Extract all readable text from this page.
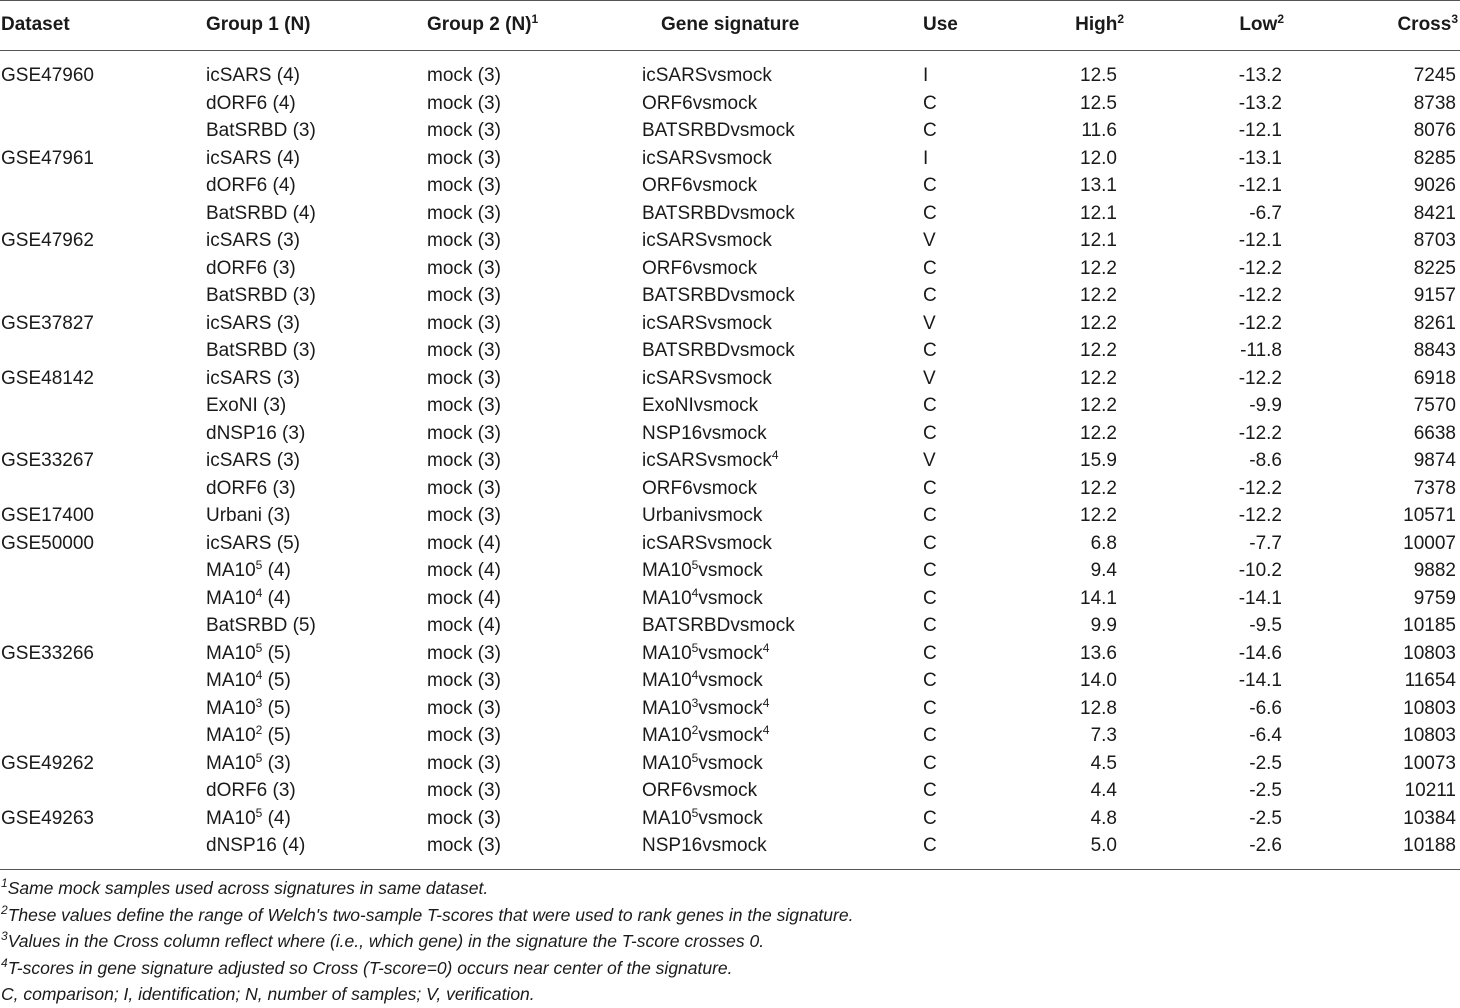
Dataset	Group 1 (N)	Group 2 $(N)^1$	Gene signature	Use	High$^2$	Low$^2$	Cross$^3$
GSE47960	icSARS (4)	mock (3)	icSARSvsmock	I	12.5	-13.2	7245
dORF6 (4)	mock (3)	ORF6vsmock	C	12.5	-13.2	8738
BatSRBD (3)	mock (3)	BATSRBDvsmock	C	11.6	-12.1	8076
GSE47961	icSARS (4)	mock (3)	icSARSvsmock	I	12.0	-13.1	8285
dORF6 (4)	mock (3)	ORF6vsmock	C	13.1	-12.1	9026
BatSRBD (4)	mock (3)	BATSRBDvsmock	C	12.1	-6.7	8421
GSE47962	icSARS (3)	mock (3)	icSARSvsmock	V	12.1	-12.1	8703
dORF6 (3)	mock (3)	ORF6vsmock	C	12.2	-12.2	8225
BatSRBD (3)	mock (3)	BATSRBDvsmock	C	12.2	-12.2	9157
GSE37827	icSARS (3)	mock (3)	icSARSvsmock	V	12.2	-12.2	8261
BatSRBD (3)	mock (3)	BATSRBDvsmock	C	12.2	-11.8	8843
GSE48142	icSARS (3)	mock (3)	icSARSvsmock	V	12.2	-12.2	6918
ExoNI (3)	mock (3)	ExoNIvsmock	C	12.2	-9.9	7570
dNSP16 (3)	mock (3)	NSP16vsmock	C	12.2	-12.2	6638
GSE33267	icSARS (3)	mock (3)	icSARSvsmock$^4$	V	15.9	-8.6	9874
dORF6 (3)	mock (3)	ORF6vsmock	C	12.2	-12.2	7378
GSE17400	Urbani (3)	mock (3)	Urbanivsmock	C	12.2	-12.2	10571
GSE50000	icSARS (5)	mock (4)	icSARSvsmock	C	6.8	-7.7	10007
$MA10^5$ (4)	mock (4)	$MA10^5vsmock$	C	9.4	-10.2	9882
$MA10^4$ (4)	mock (4)	$MA10^4vsmock$	C	14.1	-14.1	9759
BatSRBD (5)	mock (4)	BATSRBDvsmock	C	9.9	-9.5	10185
GSE33266	$MA10^5$ (5)	mock (3)	$MA10^5vsmock^4$	C	13.6	-14.6	10803
$MA10^4$ (5)	mock (3)	$MA10^4vsmock$	C	14.0	-14.1	11654
$MA10^3$ (5)	mock (3)	$MA10^3vsmock^4$	C	12.8	-6.6	10803
$MA10^2$ (5)	mock (3)	$MA10^2vsmock^4$	C	7.3	-6.4	10803
GSE49262	$MA10^5$ (3)	mock (3)	$MA10^5vsmock$	C	4.5	-2.5	10073
dORF6 (3)	mock (3)	ORF6vsmock	C	4.4	-2.5	10211
GSE49263	$MA10^5$ (4)	mock (3)	$MA10^5vsmock$	C	4.8	-2.5	10384
dNSP16 (4)	mock (3)	NSP16vsmock	C	5.0	-2.6	10188
$^1$Same mock samples used across signatures in same dataset.
$^2$These values define the range of Welch's two-sample T-scores that were used to rank genes in the signature.
$^3$Values in the Cross column reflect where (i.e., which gene) in the signature the T-score crosses 0.
$^4$T-scores in gene signature adjusted so Cross (T-score=0) occurs near center of the signature.
C, comparison; I, identification; N, number of samples; V, verification.
